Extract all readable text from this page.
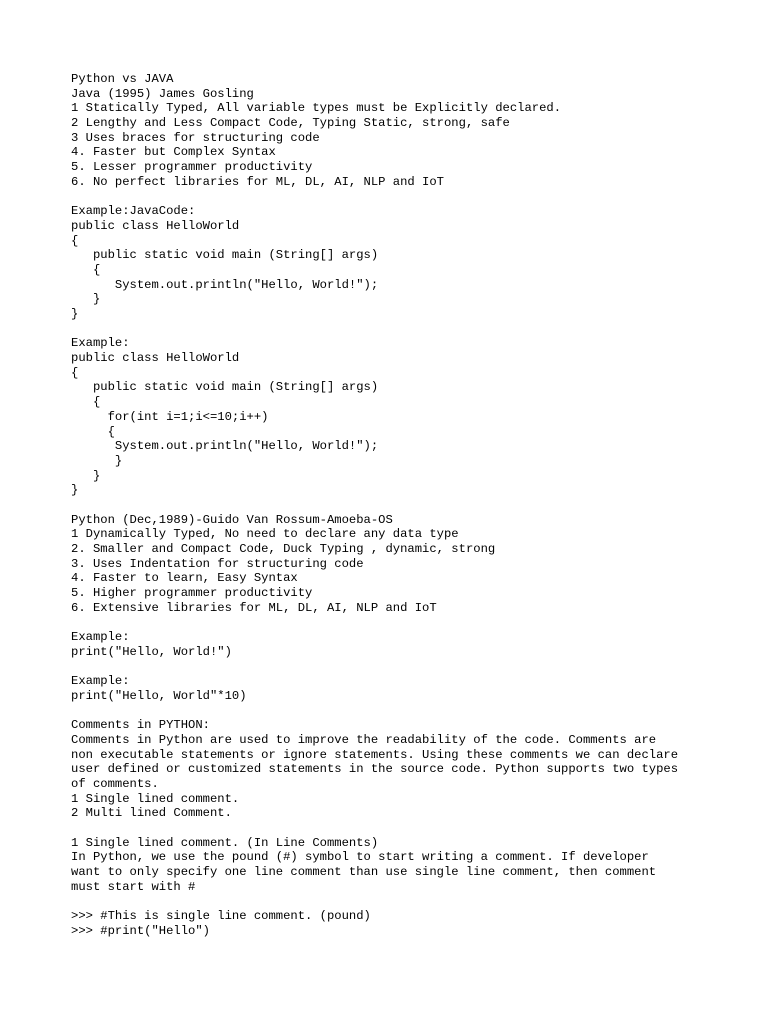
Python vs JAVA
Java (1995) James Gosling
1 Statically Typed, All variable types must be Explicitly declared.
2 Lengthy and Less Compact Code, Typing Static, strong, safe
3 Uses braces for structuring code
4. Faster but Complex Syntax
5. Lesser programmer productivity
6. No perfect libraries for ML, DL, AI, NLP and IoT
Example:JavaCode:
public class HelloWorld
{
public static void main (String[] args)
{
System.out.println("Hello, World!");
}
}
Example:
public class HelloWorld
{
public static void main (String[] args)
{
for(int i=1;i<=10;i++)
{
System.out.println("Hello, World!");
}
}
}
Python (Dec,1989)-Guido Van Rossum-Amoeba-OS
1 Dynamically Typed, No need to declare any data type
2. Smaller and Compact Code, Duck Typing , dynamic, strong
3. Uses Indentation for structuring code
4. Faster to learn, Easy Syntax
5. Higher programmer productivity
6. Extensive libraries for ML, DL, AI, NLP and IoT
Example:
print("Hello, World!")
Example:
print("Hello, World"*10)
Comments in PYTHON:
Comments in Python are used to improve the readability of the code. Comments are
non executable statements or ignore statements. Using these comments we can declare
user defined or customized statements in the source code. Python supports two types
of comments.
1 Single lined comment.
2 Multi lined Comment.
1 Single lined comment. (In Line Comments)
In Python, we use the pound (#) symbol to start writing a comment. If developer
want to only specify one line comment than use single line comment, then comment
must start with #
>>> #This is single line comment. (pound)
>>> #print("Hello")
